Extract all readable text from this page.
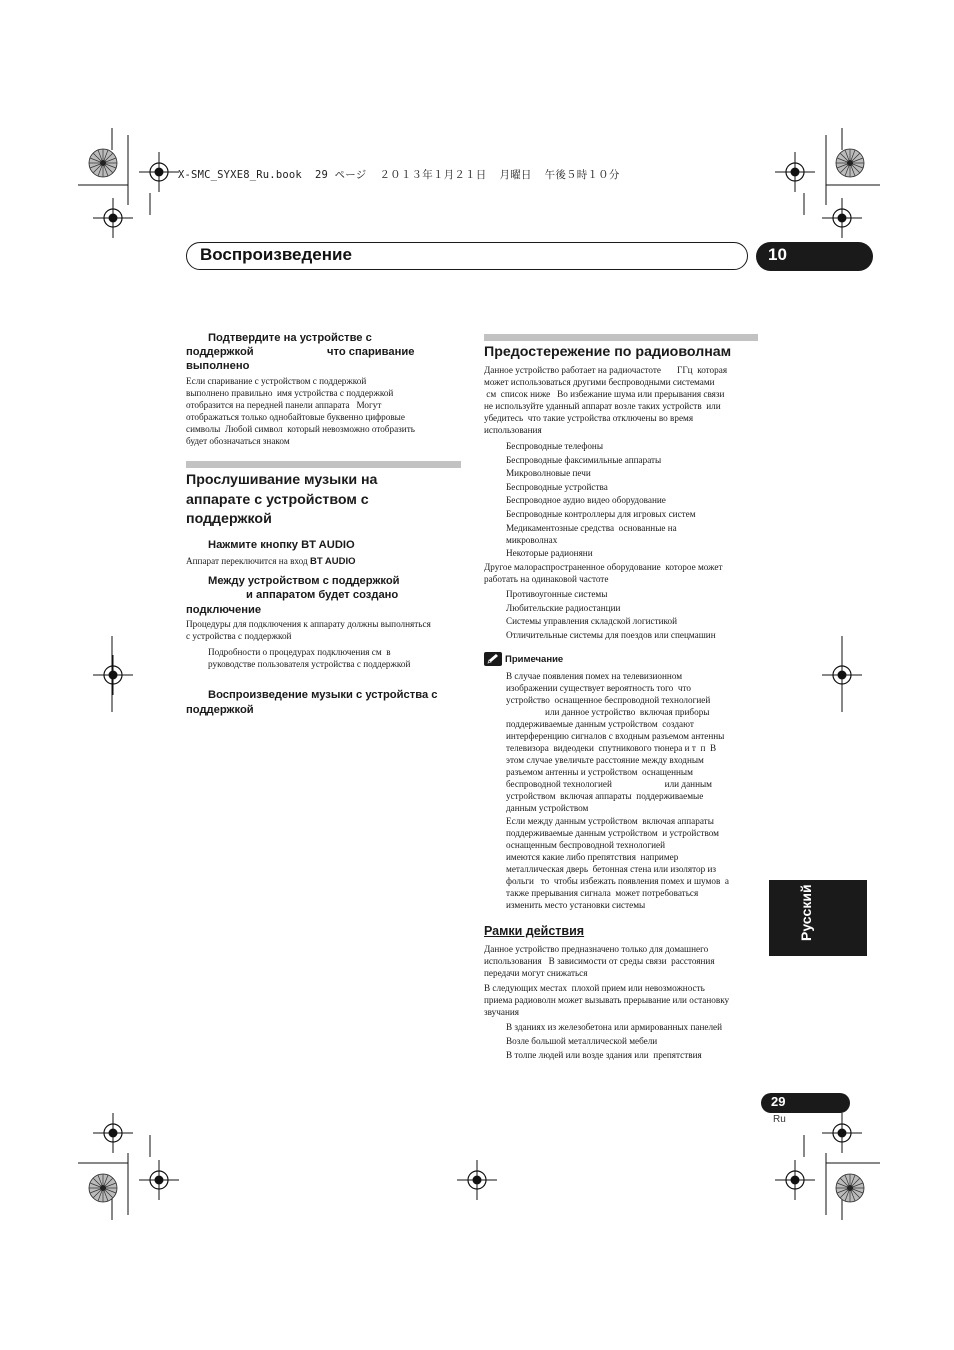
X-SMC_SYXE8_Ru.book  29 ページ  ２０１３年１月２１日  月曜日  午後５時１０分
Воспроизведение	10
Подтвердите на устройстве с
поддержкой	что спаривание
выполнено
Если спаривание с устройством с поддержкой
выполнено правильно  имя устройства с поддержкой
отобразится на передней панели аппарата   Могут
отображаться только однобайтовые буквенно цифровые
символы  Любой символ  который невозможно отобразить
будет обозначаться знаком
Прослушивание музыки на
аппарате с устройством с
поддержкой
Нажмите кнопку BT AUDIO
Аппарат переключится на вход BT AUDIO
Между устройством с поддержкой
и аппаратом будет создано
подключение
Процедуры для подключения к аппарату должны выполняться
с устройства с поддержкой
Подробности о процедурах подключения см  в
руководстве пользователя устройства с поддержкой
Воспроизведение музыки с устройства с
поддержкой
Предостережение по радиоволнам
Данное устройство работает на радиочастоте       ГГц  которая
может использоваться другими беспроводными системами
см  список ниже   Во избежание шума или прерывания связи
не используйте уданный аппарат возле таких устройств  или
убедитесь  что такие устройства отключены во время
использования
Беспроводные телефоны
Беспроводные факсимильные аппараты
Микроволновые печи
Беспроводные устройства
Беспроводное аудио видео оборудование
Беспроводные контроллеры для игровых систем
Медикаментозные средства  основанные на
микроволнах
Некоторые радионяни
Другое малораспространенное оборудование  которое может
работать на одинаковой частоте
Противоугонные системы
Любительские радиостанции
Системы управления складской логистикой
Отличительные системы для поездов или спецмашин
Примечание
В случае появления помех на телевизионном
изображении существует вероятность того  что
устройство  оснащенное беспроводной технологией
или данное устройство  включая приборы
поддерживаемые данным устройством  создают
интерференцию сигналов с входным разъемом антенны
телевизора  видеодеки  спутникового тюнера и т  п  В
этом случае увеличьте расстояние между входным
разъемом антенны и устройством  оснащенным
беспроводной технологией                       или данным
устройством  включая аппараты  поддерживаемые
данным устройством
Если между данным устройством  включая аппараты
поддерживаемые данным устройством  и устройством
оснащенным беспроводной технологией
имеются какие либо препятствия  например
металлическая дверь  бетонная стена или изолятор из
фольги   то  чтобы избежать появления помех и шумов  а
также прерывания сигнала  может потребоваться
изменить место установки системы
Рамки действия
Данное устройство предназначено только для домашнего
использования   В зависимости от среды связи  расстояния
передачи могут снижаться
В следующих местах  плохой прием или невозможность
приема радиоволн может вызывать прерывание или остановку
звучания
В зданиях из железобетона или армированных панелей
Возле большой металлической мебели
В толпе людей или возде здания или  препятствия
Русский
29
Ru
